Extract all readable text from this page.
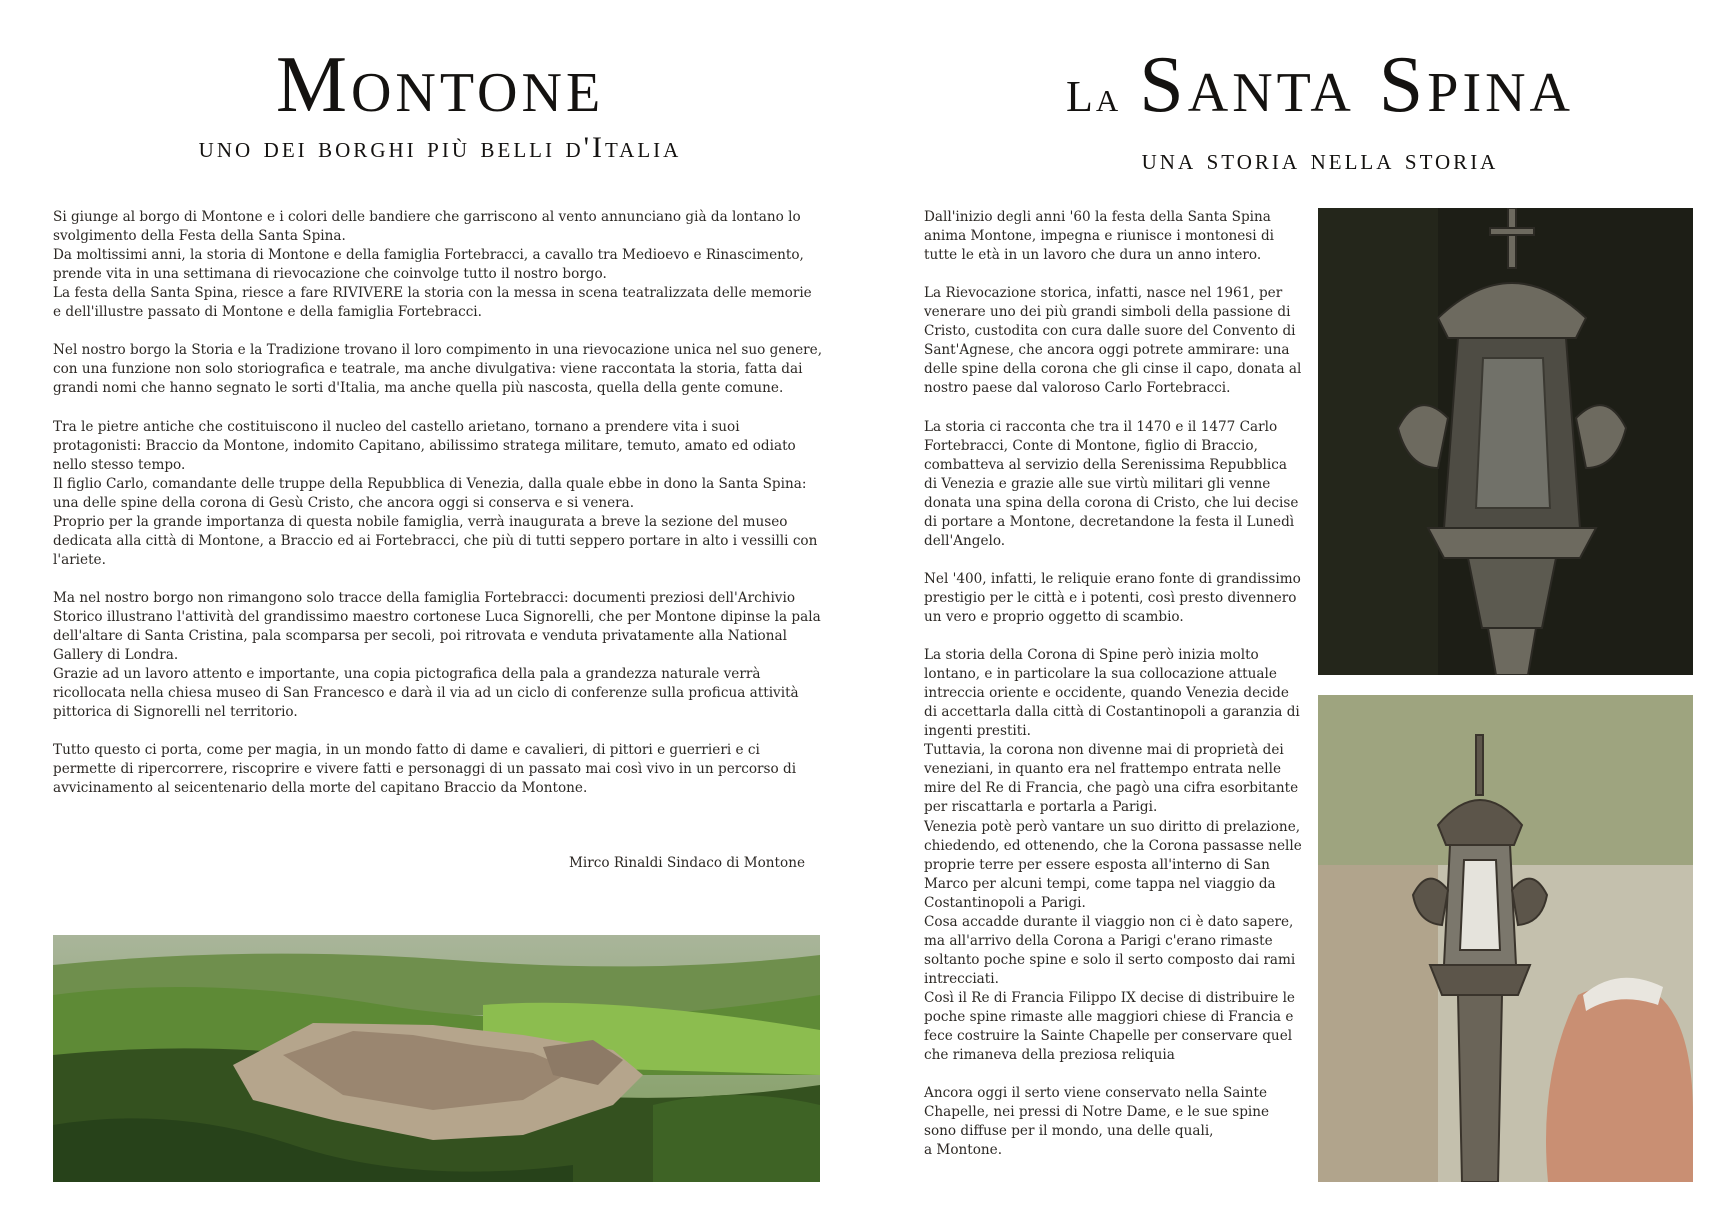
Montone
uno dei borghi più belli d'Italia

Si giunge al borgo di Montone e i colori delle bandiere che garriscono al vento annunciano già da lontano lo svolgimento della Festa della Santa Spina.
Da moltissimi anni, la storia di Montone e della famiglia Fortebracci, a cavallo tra Medioevo e Rinascimento, prende vita in una settimana di rievocazione che coinvolge tutto il nostro borgo.
La festa della Santa Spina, riesce a fare RIVIVERE la storia con la messa in scena teatralizzata delle memorie e dell'illustre passato di Montone e della famiglia Fortebracci.

Nel nostro borgo la Storia e la Tradizione trovano il loro compimento in una rievocazione unica nel suo genere, con una funzione non solo storiografica e teatrale, ma anche divulgativa: viene raccontata la storia, fatta dai grandi nomi che hanno segnato le sorti d'Italia, ma anche quella più nascosta, quella della gente comune.

Tra le pietre antiche che costituiscono il nucleo del castello arietano, tornano a prendere vita i suoi protagonisti: Braccio da Montone, indomito Capitano, abilissimo stratega militare, temuto, amato ed odiato nello stesso tempo.
Il figlio Carlo, comandante delle truppe della Repubblica di Venezia, dalla quale ebbe in dono la Santa Spina: una delle spine della corona di Gesù Cristo, che ancora oggi si conserva e si venera.
Proprio per la grande importanza di questa nobile famiglia, verrà inaugurata a breve la sezione del museo dedicata alla città di Montone, a Braccio ed ai Fortebracci, che più di tutti seppero portare in alto i vessilli con l'ariete.

Ma nel nostro borgo non rimangono solo tracce della famiglia Fortebracci: documenti preziosi dell'Archivio Storico illustrano l'attività del grandissimo maestro cortonese Luca Signorelli, che per Montone dipinse la pala dell'altare di Santa Cristina, pala scomparsa per secoli, poi ritrovata e venduta privatamente alla National Gallery di Londra.
Grazie ad un lavoro attento e importante, una copia pictografica della pala a grandezza naturale verrà ricollocata nella chiesa museo di San Francesco e darà il via ad un ciclo di conferenze sulla proficua attività pittorica di Signorelli nel territorio.

Tutto questo ci porta, come per magia, in un mondo fatto di dame e cavalieri, di pittori e guerrieri e ci permette di ripercorrere, riscoprire e vivere fatti e personaggi di un passato mai così vivo in un percorso di avvicinamento al seicentenario della morte del capitano Braccio da Montone.

Mirco Rinaldi Sindaco di Montone
La Santa Spina
una storia nella storia

Dall'inizio degli anni '60 la festa della Santa Spina anima Montone, impegna e riunisce i montonesi di tutte le età in un lavoro che dura un anno intero.

La Rievocazione storica, infatti, nasce nel 1961, per venerare uno dei più grandi simboli della passione di Cristo, custodita con cura dalle suore del Convento di Sant'Agnese, che ancora oggi potrete ammirare: una delle spine della corona che gli cinse il capo, donata al nostro paese dal valoroso Carlo Fortebracci.

La storia ci racconta che tra il 1470 e il 1477 Carlo Fortebracci, Conte di Montone, figlio di Braccio, combatteva al servizio della Serenissima Repubblica di Venezia e grazie alle sue virtù militari gli venne donata una spina della corona di Cristo, che lui decise di portare a Montone, decretandone la festa il Lunedì dell'Angelo.

Nel '400, infatti, le reliquie erano fonte di grandissimo prestigio per le città e i potenti, così presto divennero un vero e proprio oggetto di scambio.

La storia della Corona di Spine però inizia molto lontano, e in particolare la sua collocazione attuale intreccia oriente e occidente, quando Venezia decide di accettarla dalla città di Costantinopoli a garanzia di ingenti prestiti.
Tuttavia, la corona non divenne mai di proprietà dei veneziani, in quanto era nel frattempo entrata nelle mire del Re di Francia, che pagò una cifra esorbitante per riscattarla e portarla a Parigi.
Venezia potè però vantare un suo diritto di prelazione, chiedendo, ed ottenendo, che la Corona passasse nelle proprie terre per essere esposta all'interno di San Marco per alcuni tempi, come tappa nel viaggio da Costantinopoli a Parigi.
Cosa accadde durante il viaggio non ci è dato sapere, ma all'arrivo della Corona a Parigi c'erano rimaste soltanto poche spine e solo il serto composto dai rami intrecciati.
Così il Re di Francia Filippo IX decise di distribuire le poche spine rimaste alle maggiori chiese di Francia e fece costruire la Sainte Chapelle per conservare quel che rimaneva della preziosa reliquia

Ancora oggi il serto viene conservato nella Sainte Chapelle, nei pressi di Notre Dame, e le sue spine sono diffuse per il mondo, una delle quali,
a Montone.
